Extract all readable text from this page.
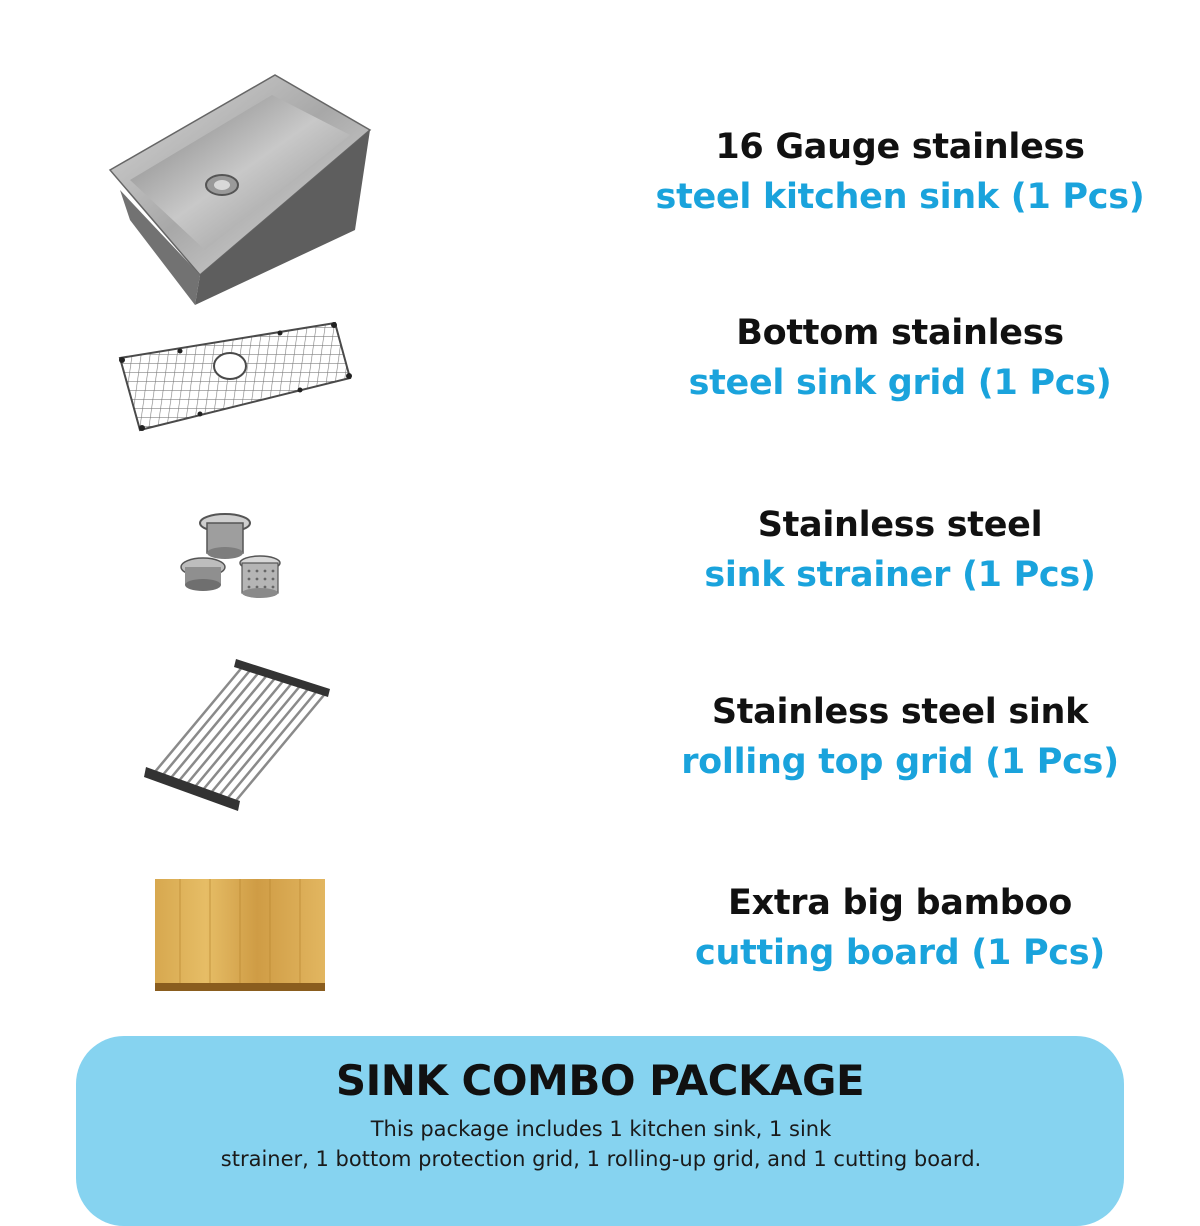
16 Gauge stainless
steel kitchen sink (1 Pcs)
Bottom stainless
steel sink grid (1 Pcs)
Stainless steel
sink strainer (1 Pcs)
Stainless steel sink
rolling top grid (1 Pcs)
Extra big bamboo
cutting board (1 Pcs)
SINK COMBO PACKAGE
This package includes 1 kitchen sink, 1 sink
strainer, 1 bottom protection grid, 1 rolling-up grid, and 1 cutting board.
